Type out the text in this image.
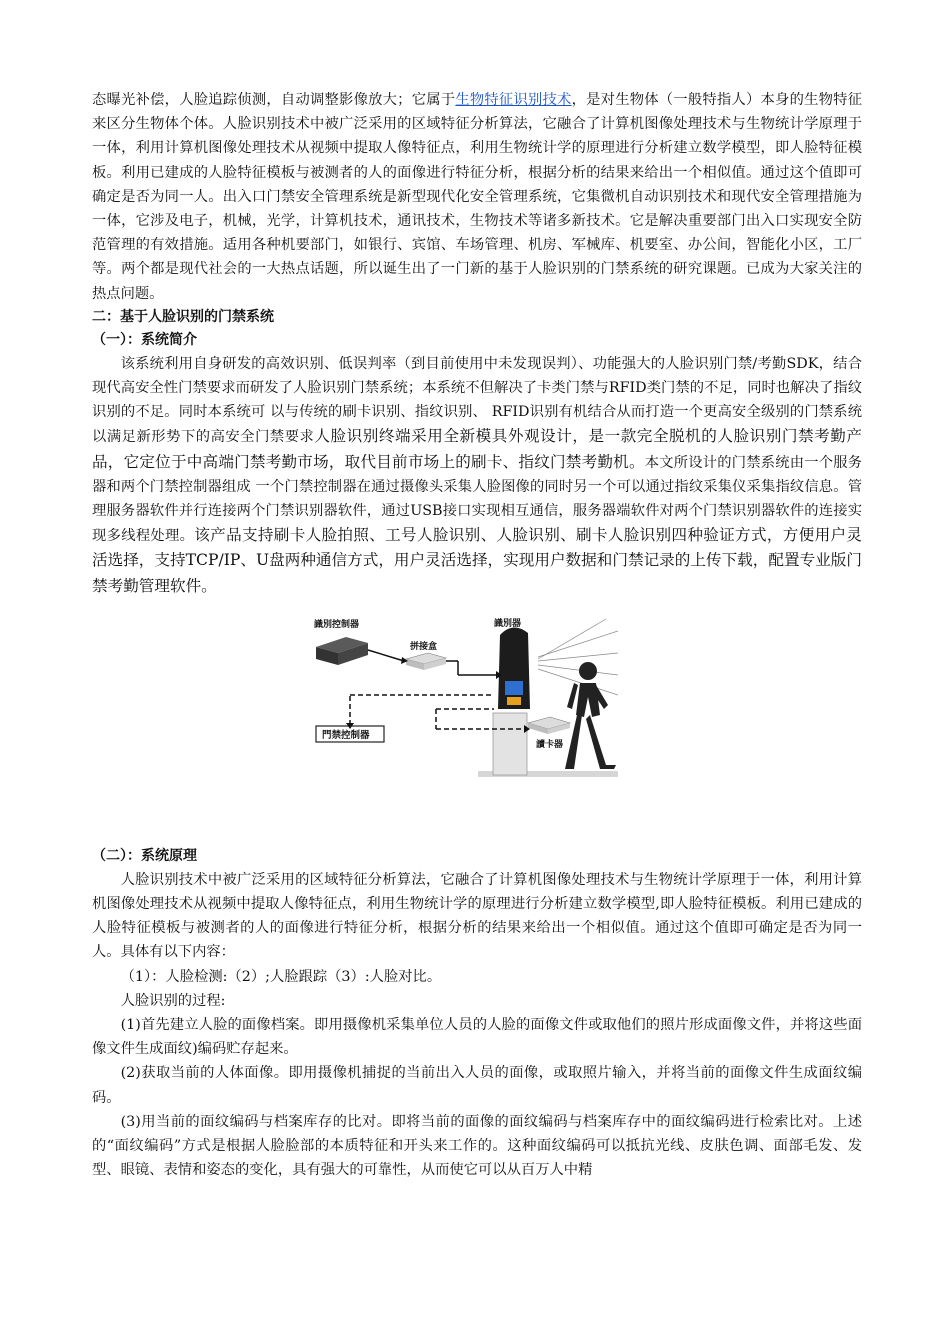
态曝光补偿，人脸追踪侦测，自动调整影像放大；它属于生物特征识别技术，是对生物体（一般特指人）本身的生物特征来区分生物体个体。人脸识别技术中被广泛采用的区域特征分析算法，它融合了计算机图像处理技术与生物统计学原理于一体，利用计算机图像处理技术从视频中提取人像特征点，利用生物统计学的原理进行分析建立数学模型，即人脸特征模板。利用已建成的人脸特征模板与被测者的人的面像进行特征分析，根据分析的结果来给出一个相似值。通过这个值即可确定是否为同一人。出入口门禁安全管理系统是新型现代化安全管理系统，它集微机自动识别技术和现代安全管理措施为一体，它涉及电子，机械，光学，计算机技术，通讯技术，生物技术等诸多新技术。它是解决重要部门出入口实现安全防范管理的有效措施。适用各种机要部门，如银行、宾馆、车场管理、机房、军械库、机要室、办公间，智能化小区，工厂等。两个都是现代社会的一大热点话题，所以诞生出了一门新的基于人脸识别的门禁系统的研究课题。已成为大家关注的热点问题。

二：基于人脸识别的门禁系统

（一）：系统简介

该系统利用自身研发的高效识别、低误判率（到目前使用中未发现误判）、功能强大的人脸识别门禁/考勤SDK，结合现代高安全性门禁要求而研发了人脸识别门禁系统；本系统不但解决了卡类门禁与RFID类门禁的不足，同时也解决了指纹识别的不足。同时本系统可 以与传统的刷卡识别、指纹识别、 RFID识别有机结合从而打造一个更高安全级别的门禁系统以满足新形势下的高安全门禁要求人脸识别终端采用全新模具外观设计，是一款完全脱机的人脸识别门禁考勤产品，它定位于中高端门禁考勤市场，取代目前市场上的刷卡、指纹门禁考勤机。本文所设计的门禁系统由一个服务器和两个门禁控制器组成 一个门禁控制器在通过摄像头采集人脸图像的同时另一个可以通过指纹采集仪采集指纹信息。管理服务器软件并行连接两个门禁识别器软件，通过USB接口实现相互通信，服务器端软件对两个门禁识别器软件的连接实现多线程处理。该产品支持刷卡人脸拍照、工号人脸识别、人脸识别、刷卡人脸识别四种验证方式，方便用户灵活选择，支持TCP/IP、U盘两种通信方式，用户灵活选择，实现用户数据和门禁记录的上传下载，配置专业版门禁考勤管理软件。

識別控制器
拼接盒
識別器
門禁控制器
讀卡器

（二）：系统原理

人脸识别技术中被广泛采用的区域特征分析算法，它融合了计算机图像处理技术与生物统计学原理于一体，利用计算机图像处理技术从视频中提取人像特征点，利用生物统计学的原理进行分析建立数学模型,即人脸特征模板。利用已建成的人脸特征模板与被测者的人的面像进行特征分析，根据分析的结果来给出一个相似值。通过这个值即可确定是否为同一人。具体有以下内容：

（1）：人脸检测:（2）;人脸跟踪（3）:人脸对比。

人脸识别的过程:

(1)首先建立人脸的面像档案。即用摄像机采集单位人员的人脸的面像文件或取他们的照片形成面像文件，并将这些面像文件生成面纹)编码贮存起来。

(2)获取当前的人体面像。即用摄像机捕捉的当前出入人员的面像，或取照片输入，并将当前的面像文件生成面纹编码。

(3)用当前的面纹编码与档案库存的比对。即将当前的面像的面纹编码与档案库存中的面纹编码进行检索比对。上述的“面纹编码”方式是根据人脸脸部的本质特征和开头来工作的。这种面纹编码可以抵抗光线、皮肤色调、面部毛发、发型、眼镜、表情和姿态的变化，具有强大的可靠性，从而使它可以从百万人中精
